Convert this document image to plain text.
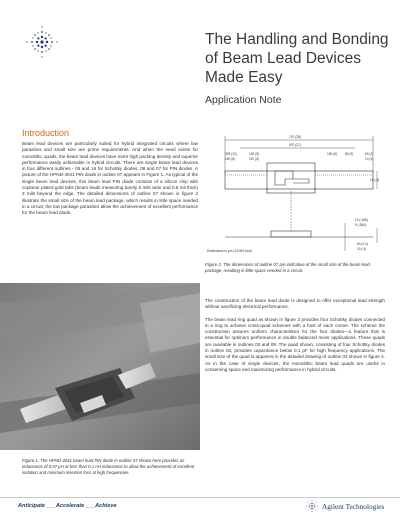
The Handling and Bonding of Beam Lead Devices Made Easy
Application Note
Introduction

Beam lead devices are particularly suited for hybrid integrated circuits where low parasitics and small size are prime requirements. And when the need exists for monolithic quads, the beam lead devices have more high packing density and superior performance easily achievable in hybrid circuits. There are single beam lead devices in four different outlines - 05 and 16 for Schottky diodes, 06 and 07 for PIN diodes. A picture of the HPND-4041 PIN diode in outline 07 appears in Figure 1. As typical of the single beam lead devices, this beam lead PIN diode consists of a silicon chip with coplanar plated gold tabs (beam leads measuring barely 5 mils wide and 0.5 mil thick) 3 mils beyond the edge. The detailed dimensions of outline 07 shown in figure 2 illustrate the small size of the beam lead package, which results in little space needed in a circuit; the low package parasitics allow the achievement of excellent performance for the beam lead diode.

710 (28)
670 (27)
305 (12)
150 (6)
130 (5)
110 (4)
150 (6) 80 (3)	60 (2)
10 (4)
15 (.6)
12 (.465)
9 (.354)
60 (2.4)
10 (.4)
Dimensions in µm (1/1000 inch)
Figure 2. The dimensions of outline 07 are indicative of the small size of the beam lead package, resulting in little space needed in a circuit.

The construction of the beam lead diode is designed to offer exceptional lead strength without sacrificing electrical performance.

The beam lead ring quad as shown in figure 3 provides four Schottky diodes connected in a ring to achieve cross-quad schemes with a host of each corner. The scheme the construction assures uniform characteristics for the four diodes—a feature that is essential for optimum performance in double balanced mixer applications. These quads are available in outlines 03 and 08. The quad shown, consisting of four Schottky diodes in outline 03, provides capacitance below 0.1 pF for high frequency applications. The small size of the quad is apparent in the detailed drawing of outline 03 shown in figure 4. As in the case of single devices, the monolithic beam lead quads are useful in conserving space and maximizing performance in hybrid circuits.

Figure 1. The HPND-4041 beam lead PIN diode in outline 07 shown here provides an inductance of 0.07 pH at less than 0.1 nH inductance to allow the achievement of excellent isolation and minimum insertion loss at high frequencies.
Anticipate ___Accelerate ___Achieve	Agilent Technologies
